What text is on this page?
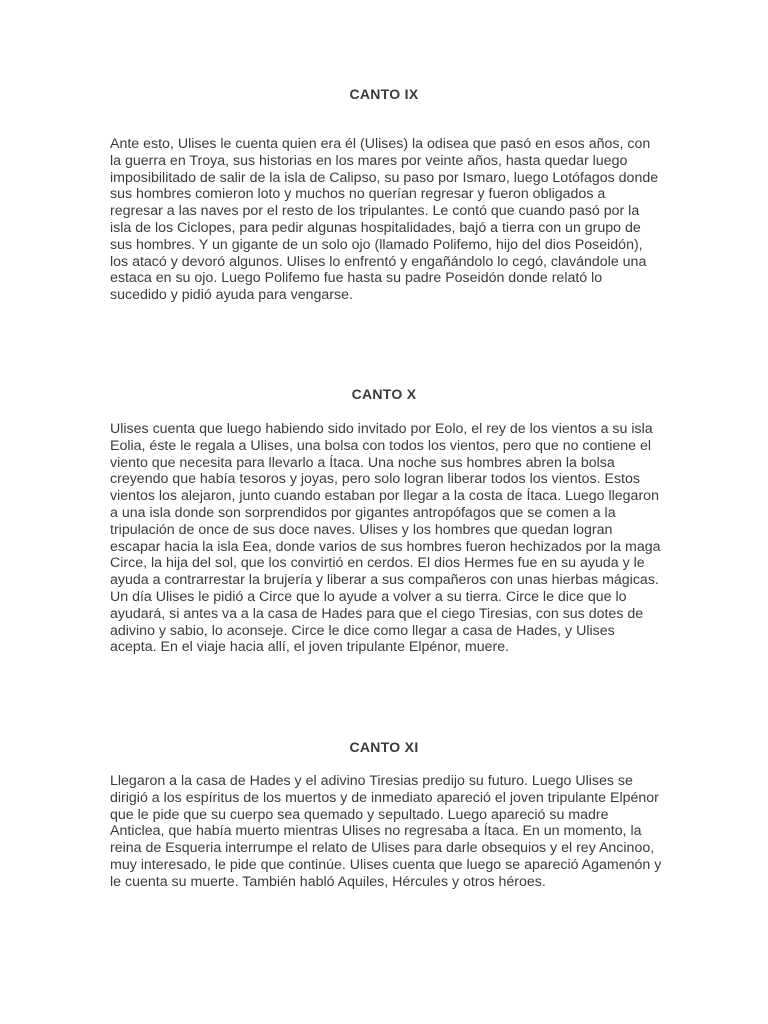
CANTO IX

Ante esto, Ulises le cuenta quien era él (Ulises) la odisea que pasó en esos años, con la guerra en Troya, sus historias en los mares por veinte años, hasta quedar luego imposibilitado de salir de la isla de Calipso, su paso por Ismaro, luego Lotófagos donde sus hombres comieron loto y muchos no querían regresar y fueron obligados a regresar a las naves por el resto de los tripulantes. Le contó que cuando pasó por la isla de los Ciclopes, para pedir algunas hospitalidades, bajó a tierra con un grupo de sus hombres. Y un gigante de un solo ojo (llamado Polifemo, hijo del dios Poseidón), los atacó y devoró algunos. Ulises lo enfrentó y engañándolo lo cegó, clavándole una estaca en su ojo. Luego Polifemo fue hasta su padre Poseidón donde relató lo sucedido y pidió ayuda para vengarse.

CANTO X

Ulises cuenta que luego habiendo sido invitado por Eolo, el rey de los vientos a su isla Eolia, éste le regala a Ulises, una bolsa con todos los vientos, pero que no contiene el viento que necesita para llevarlo a Ítaca. Una noche sus hombres abren la bolsa creyendo que había tesoros y joyas, pero solo logran liberar todos los vientos. Estos vientos los alejaron, junto cuando estaban por llegar a la costa de Ítaca. Luego llegaron a una isla donde son sorprendidos por gigantes antropófagos que se comen a la tripulación de once de sus doce naves. Ulises y los hombres que quedan logran escapar hacia la isla Eea, donde varios de sus hombres fueron hechizados por la maga Circe, la hija del sol, que los convirtió en cerdos. El dios Hermes fue en su ayuda y le ayuda a contrarrestar la brujería y liberar a sus compañeros con unas hierbas mágicas. Un día Ulises le pidió a Circe que lo ayude a volver a su tierra. Circe le dice que lo ayudará, si antes va a la casa de Hades para que el ciego Tiresias, con sus dotes de adivino y sabio, lo aconseje. Circe le dice como llegar a casa de Hades, y Ulises acepta. En el viaje hacia allí, el joven tripulante Elpénor, muere.

CANTO XI

Llegaron a la casa de Hades y el adivino Tiresias predijo su futuro. Luego Ulises se dirigió a los espíritus de los muertos y de inmediato apareció el joven tripulante Elpénor que le pide que su cuerpo sea quemado y sepultado. Luego apareció su madre Anticlea, que había muerto mientras Ulises no regresaba a Ítaca. En un momento, la reina de Esqueria interrumpe el relato de Ulises para darle obsequios y el rey Ancinoo, muy interesado, le pide que continúe. Ulises cuenta que luego se apareció Agamenón y le cuenta su muerte. También habló Aquiles, Hércules y otros héroes.
